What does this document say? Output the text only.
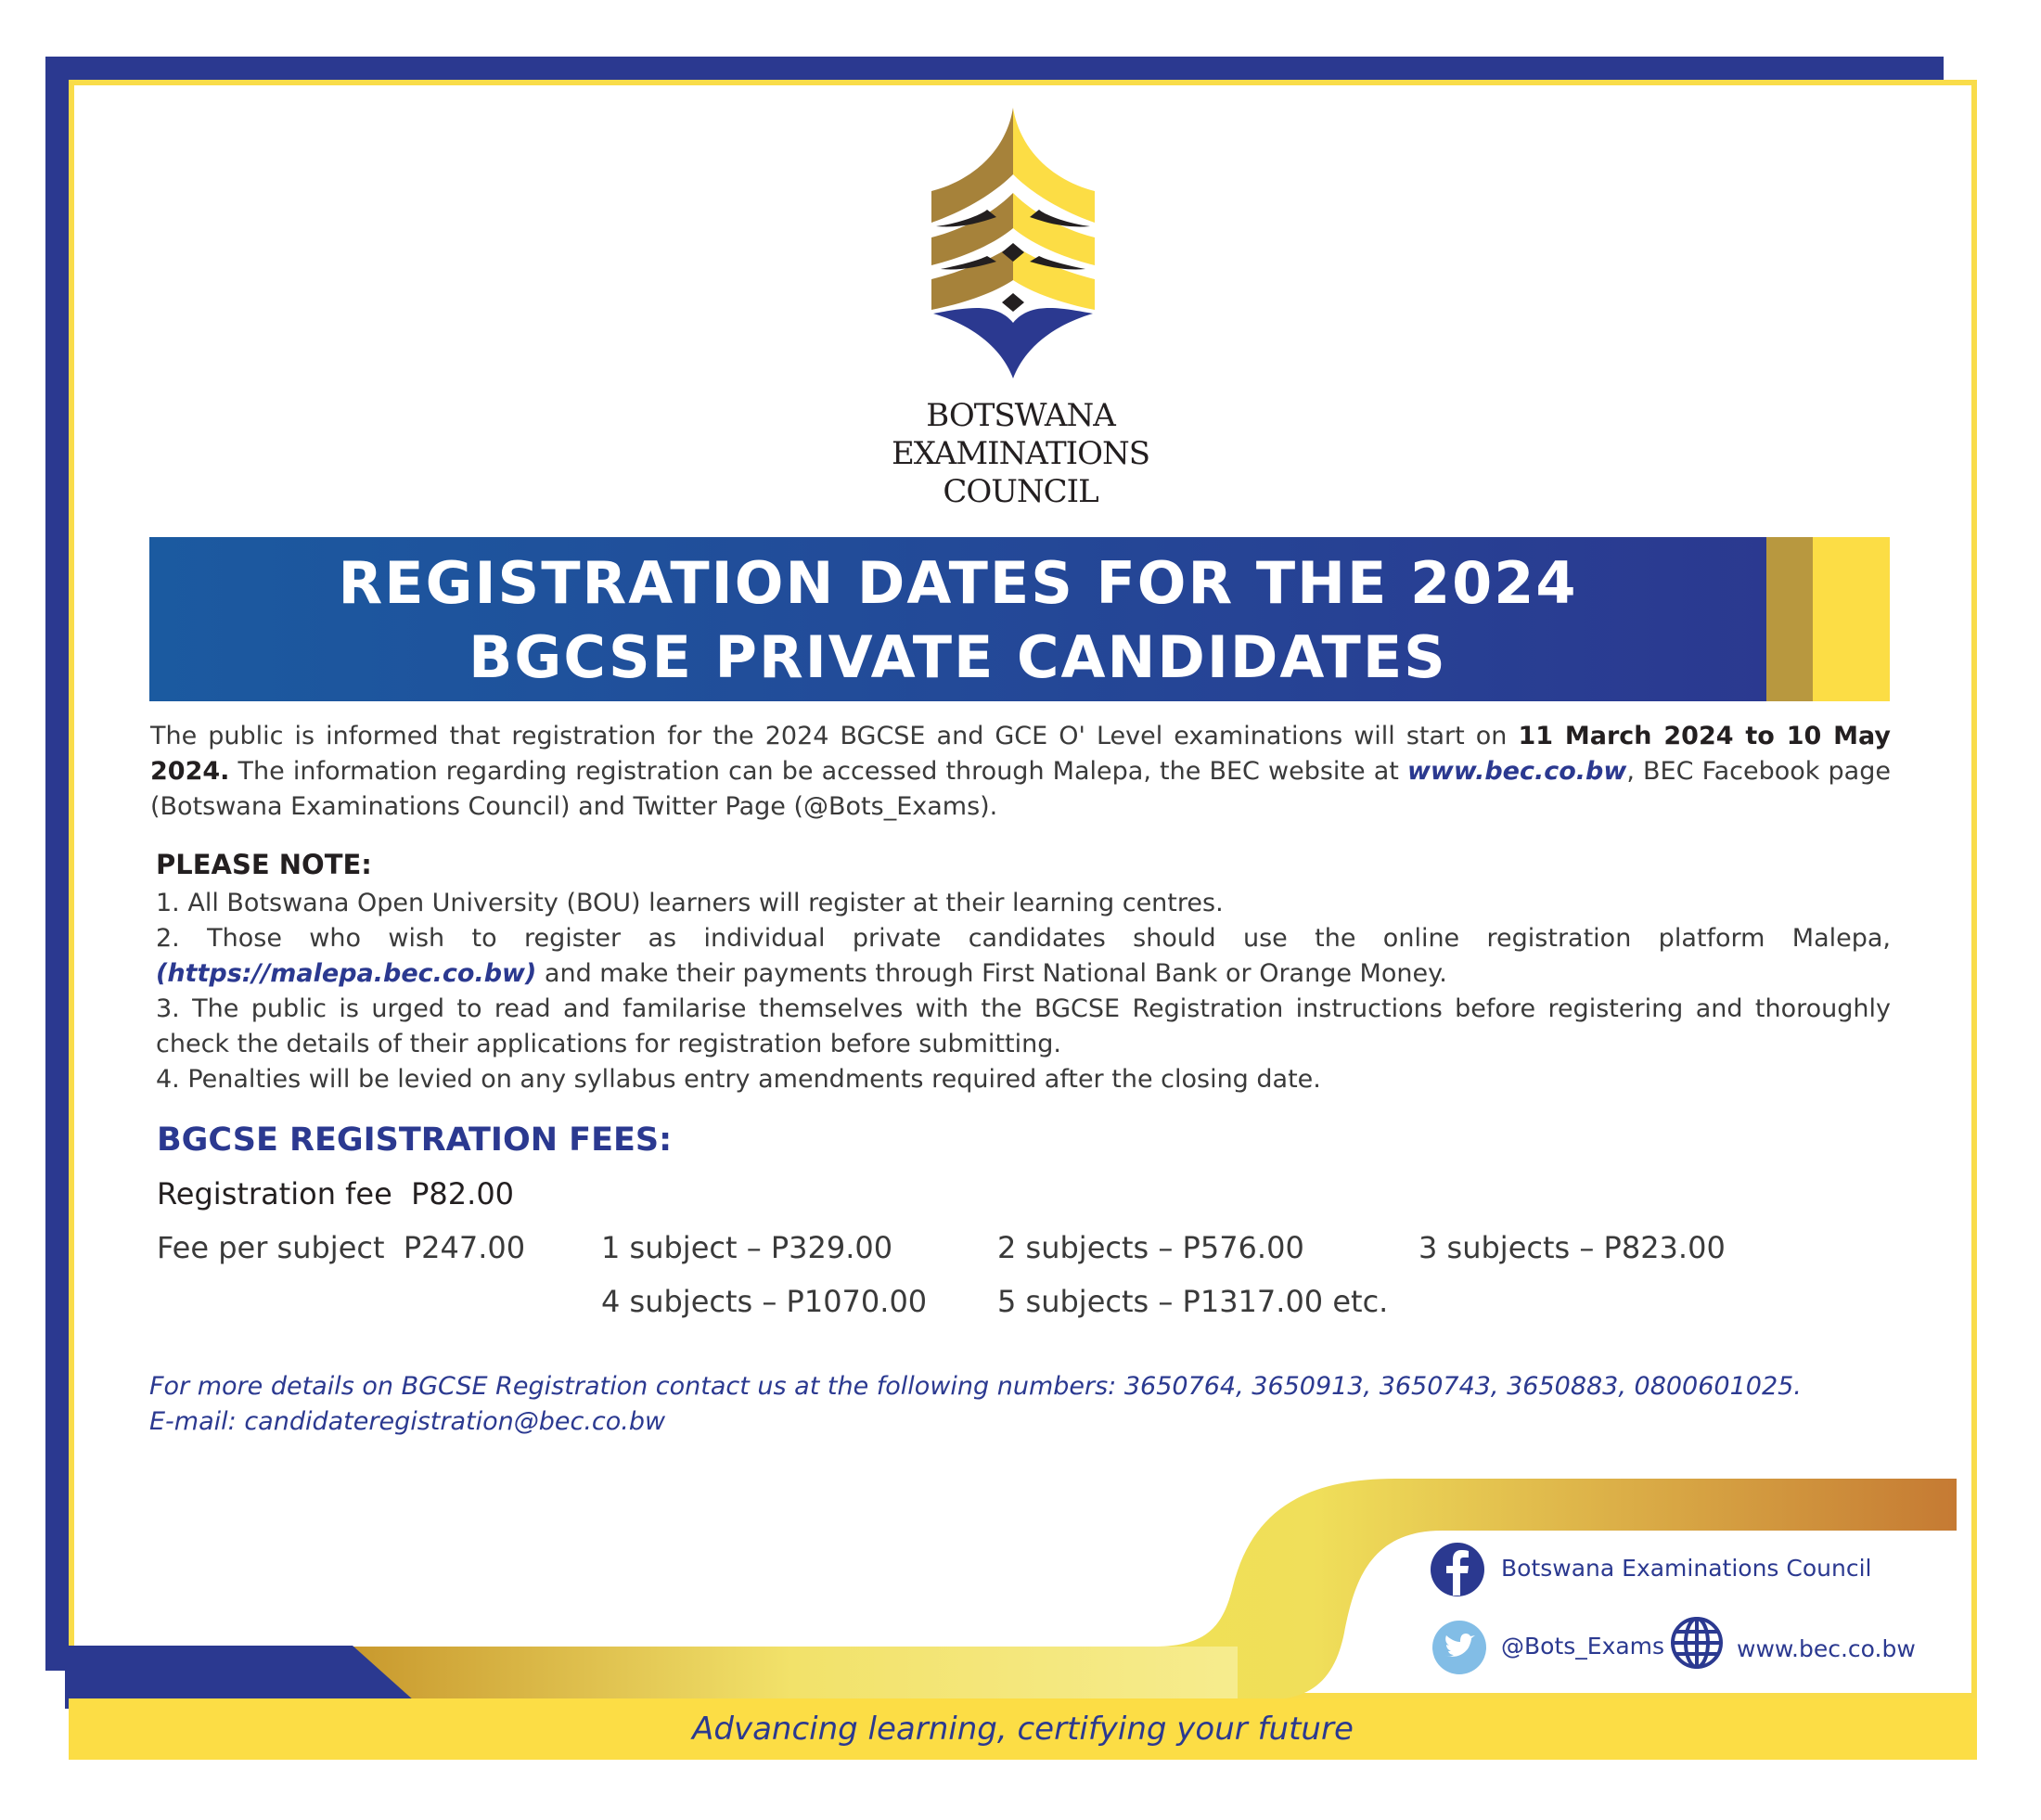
BOTSWANA
EXAMINATIONS
COUNCIL
REGISTRATION DATES FOR THE 2024
BGCSE PRIVATE CANDIDATES
The public is informed that registration for the 2024 BGCSE and GCE O' Level examinations will start on 11 March 2024 to 10 May 2024. The information regarding registration can be accessed through Malepa, the BEC website at www.bec.co.bw, BEC Facebook page (Botswana Examinations Council) and Twitter Page (@Bots_Exams).
PLEASE NOTE:
1. All Botswana Open University (BOU) learners will register at their learning centres.
2. Those who wish to register as individual private candidates should use the online registration platform Malepa, (https://malepa.bec.co.bw) and make their payments through First National Bank or Orange Money.
3. The public is urged to read and familarise themselves with the BGCSE Registration instructions before registering and thoroughly check the details of their applications for registration before submitting.
4. Penalties will be levied on any syllabus entry amendments required after the closing date.
BGCSE REGISTRATION FEES:
Registration fee P82.00
Fee per subject P247.00	1 subject – P329.00	2 subjects – P576.00	3 subjects – P823.00
4 subjects – P1070.00 5 subjects – P1317.00 etc.
For more details on BGCSE Registration contact us at the following numbers: 3650764, 3650913, 3650743, 3650883, 0800601025.
E-mail: candidateregistration@bec.co.bw
Botswana Examinations Council
@Bots_Exams	www.bec.co.bw
Advancing learning, certifying your future
